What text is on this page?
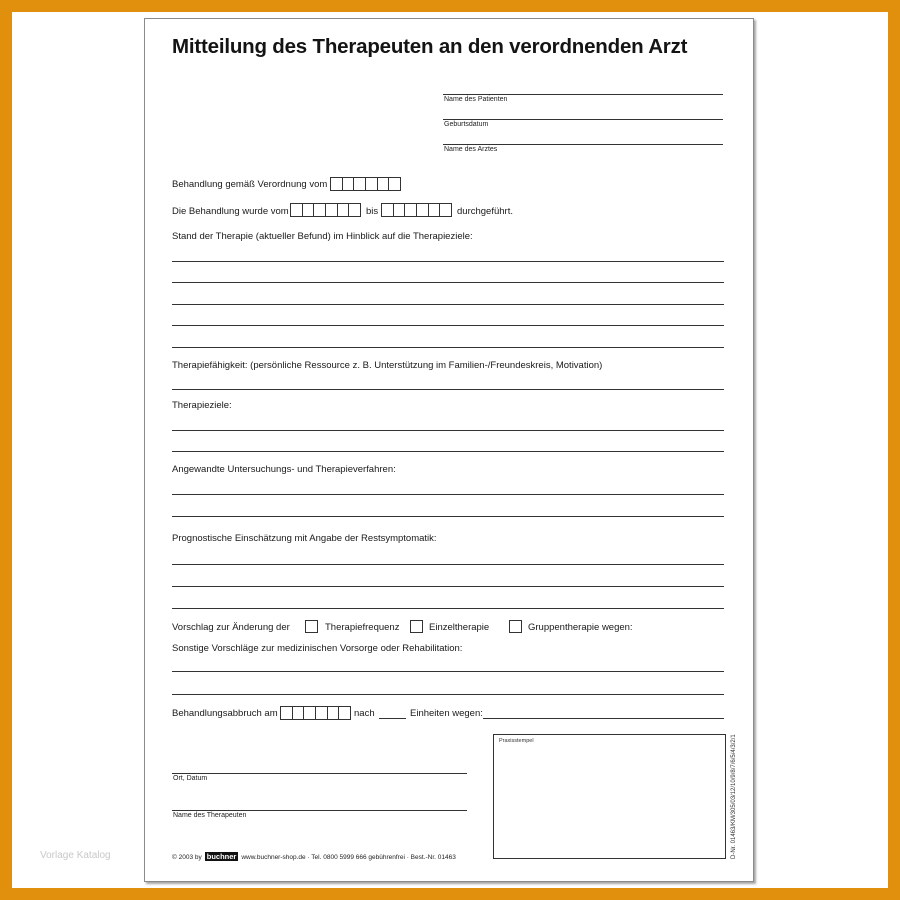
Mitteilung des Therapeuten an den verordnenden Arzt
Name des Patienten
Geburtsdatum
Name des Arztes
Behandlung gemäß Verordnung vom
Die Behandlung wurde vom	bis	durchgeführt.
Stand der Therapie (aktueller Befund) im Hinblick auf die Therapieziele:
Therapiefähigkeit: (persönliche Ressource z. B. Unterstützung im Familien-/Freundeskreis, Motivation)
Therapieziele:
Angewandte Untersuchungs- und Therapieverfahren:
Prognostische Einschätzung mit Angabe der Restsymptomatik:
Vorschlag zur Änderung der	Therapiefrequenz	Einzeltherapie	Gruppentherapie wegen:
Sonstige Vorschläge zur medizinischen Vorsorge oder Rehabilitation:
Behandlungsabbruch am	nach	Einheiten wegen:
Ort, Datum
Name des Therapeuten
Praxisstempel	D-Nr. 01463/KM/305/03/12/10/9/8/7/6/5/4/3/2/1
© 2003 by buchner www.buchner-shop.de · Tel. 0800 5999 666 gebührenfrei · Best.-Nr. 01463
Vorlage Katalog
